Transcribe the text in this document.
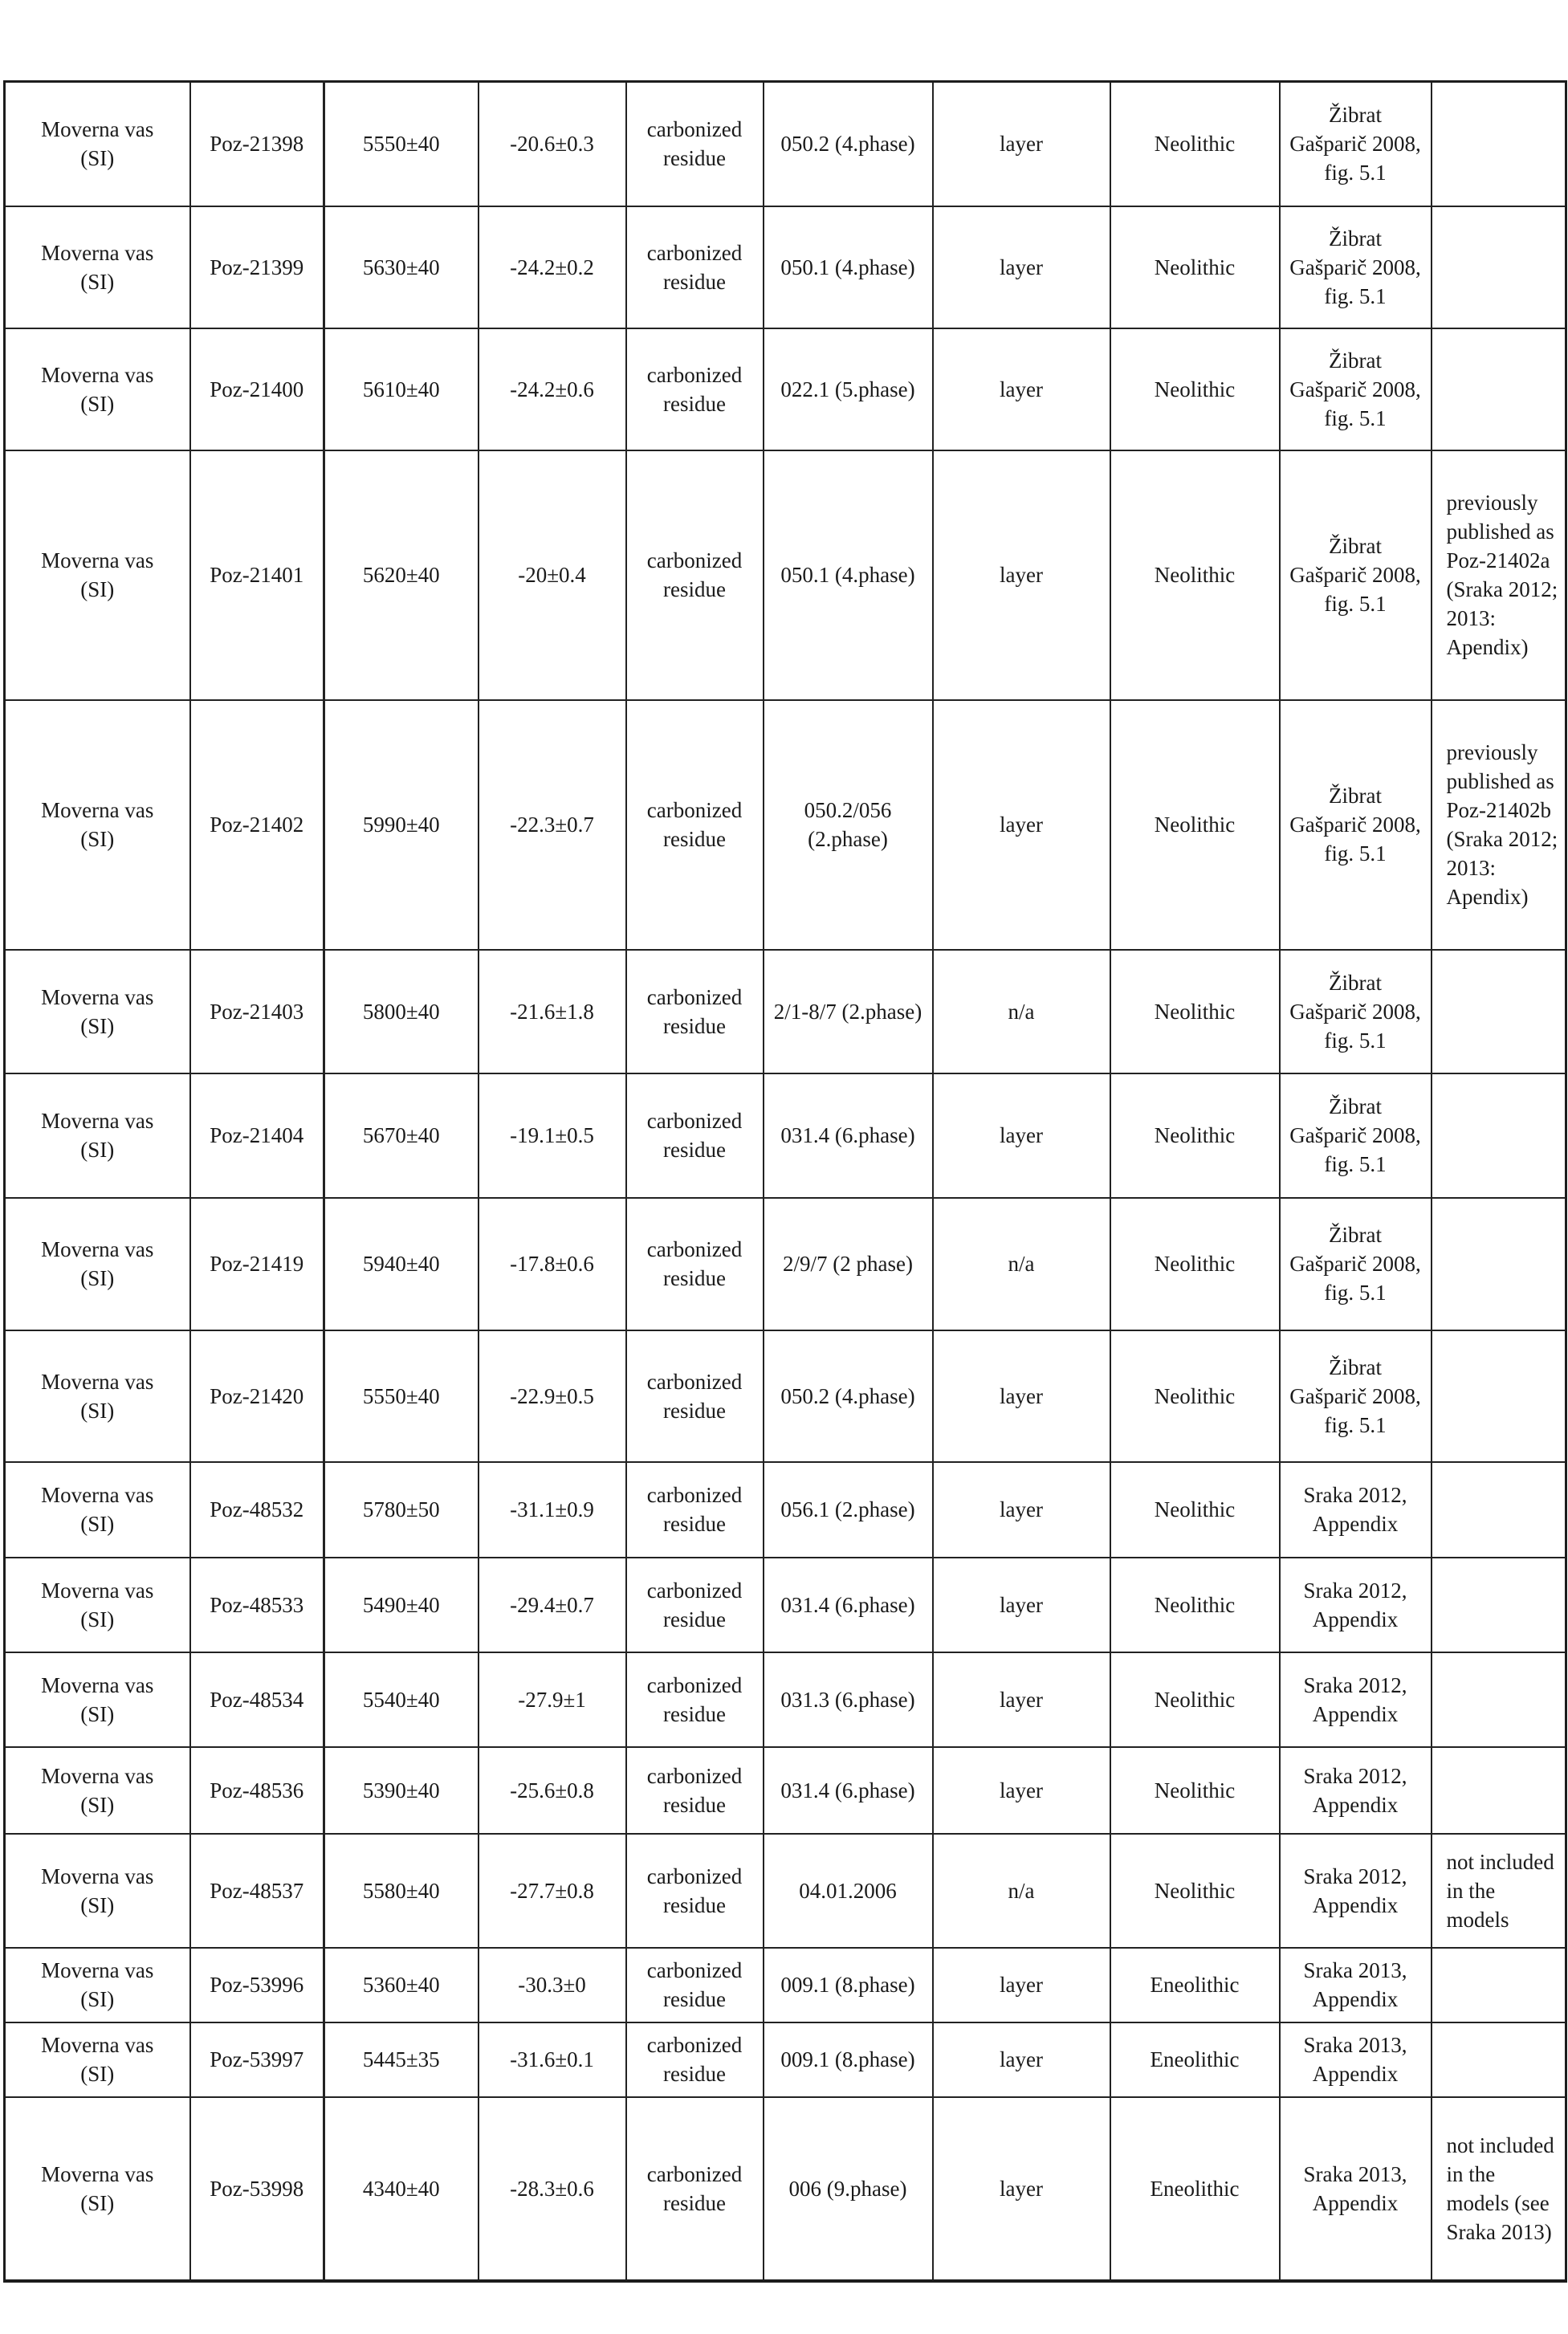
Moverna vas (SI)	Poz-21398	5550±40	-20.6±0.3	carbonized residue	050.2 (4.phase)	layer	Neolithic	Žibrat Gašparič 2008, fig. 5.1	
Moverna vas (SI)	Poz-21399	5630±40	-24.2±0.2	carbonized residue	050.1 (4.phase)	layer	Neolithic	Žibrat Gašparič 2008, fig. 5.1	
Moverna vas (SI)	Poz-21400	5610±40	-24.2±0.6	carbonized residue	022.1 (5.phase)	layer	Neolithic	Žibrat Gašparič 2008, fig. 5.1	
Moverna vas (SI)	Poz-21401	5620±40	-20±0.4	carbonized residue	050.1 (4.phase)	layer	Neolithic	Žibrat Gašparič 2008, fig. 5.1	previously published as Poz-21402a (Sraka 2012; 2013: Apendix)
Moverna vas (SI)	Poz-21402	5990±40	-22.3±0.7	carbonized residue	050.2/056 (2.phase)	layer	Neolithic	Žibrat Gašparič 2008, fig. 5.1	previously published as Poz-21402b (Sraka 2012; 2013: Apendix)
Moverna vas (SI)	Poz-21403	5800±40	-21.6±1.8	carbonized residue	2/1-8/7 (2.phase)	n/a	Neolithic	Žibrat Gašparič 2008, fig. 5.1	
Moverna vas (SI)	Poz-21404	5670±40	-19.1±0.5	carbonized residue	031.4 (6.phase)	layer	Neolithic	Žibrat Gašparič 2008, fig. 5.1	
Moverna vas (SI)	Poz-21419	5940±40	-17.8±0.6	carbonized residue	2/9/7 (2 phase)	n/a	Neolithic	Žibrat Gašparič 2008, fig. 5.1	
Moverna vas (SI)	Poz-21420	5550±40	-22.9±0.5	carbonized residue	050.2 (4.phase)	layer	Neolithic	Žibrat Gašparič 2008, fig. 5.1	
Moverna vas (SI)	Poz-48532	5780±50	-31.1±0.9	carbonized residue	056.1 (2.phase)	layer	Neolithic	Sraka 2012, Appendix	
Moverna vas (SI)	Poz-48533	5490±40	-29.4±0.7	carbonized residue	031.4 (6.phase)	layer	Neolithic	Sraka 2012, Appendix	
Moverna vas (SI)	Poz-48534	5540±40	-27.9±1	carbonized residue	031.3 (6.phase)	layer	Neolithic	Sraka 2012, Appendix	
Moverna vas (SI)	Poz-48536	5390±40	-25.6±0.8	carbonized residue	031.4 (6.phase)	layer	Neolithic	Sraka 2012, Appendix	
Moverna vas (SI)	Poz-48537	5580±40	-27.7±0.8	carbonized residue	04.01.2006	n/a	Neolithic	Sraka 2012, Appendix	not included in the models
Moverna vas (SI)	Poz-53996	5360±40	-30.3±0	carbonized residue	009.1 (8.phase)	layer	Eneolithic	Sraka 2013, Appendix	
Moverna vas (SI)	Poz-53997	5445±35	-31.6±0.1	carbonized residue	009.1 (8.phase)	layer	Eneolithic	Sraka 2013, Appendix	
Moverna vas (SI)	Poz-53998	4340±40	-28.3±0.6	carbonized residue	006 (9.phase)	layer	Eneolithic	Sraka 2013, Appendix	not included in the models (see Sraka 2013)
